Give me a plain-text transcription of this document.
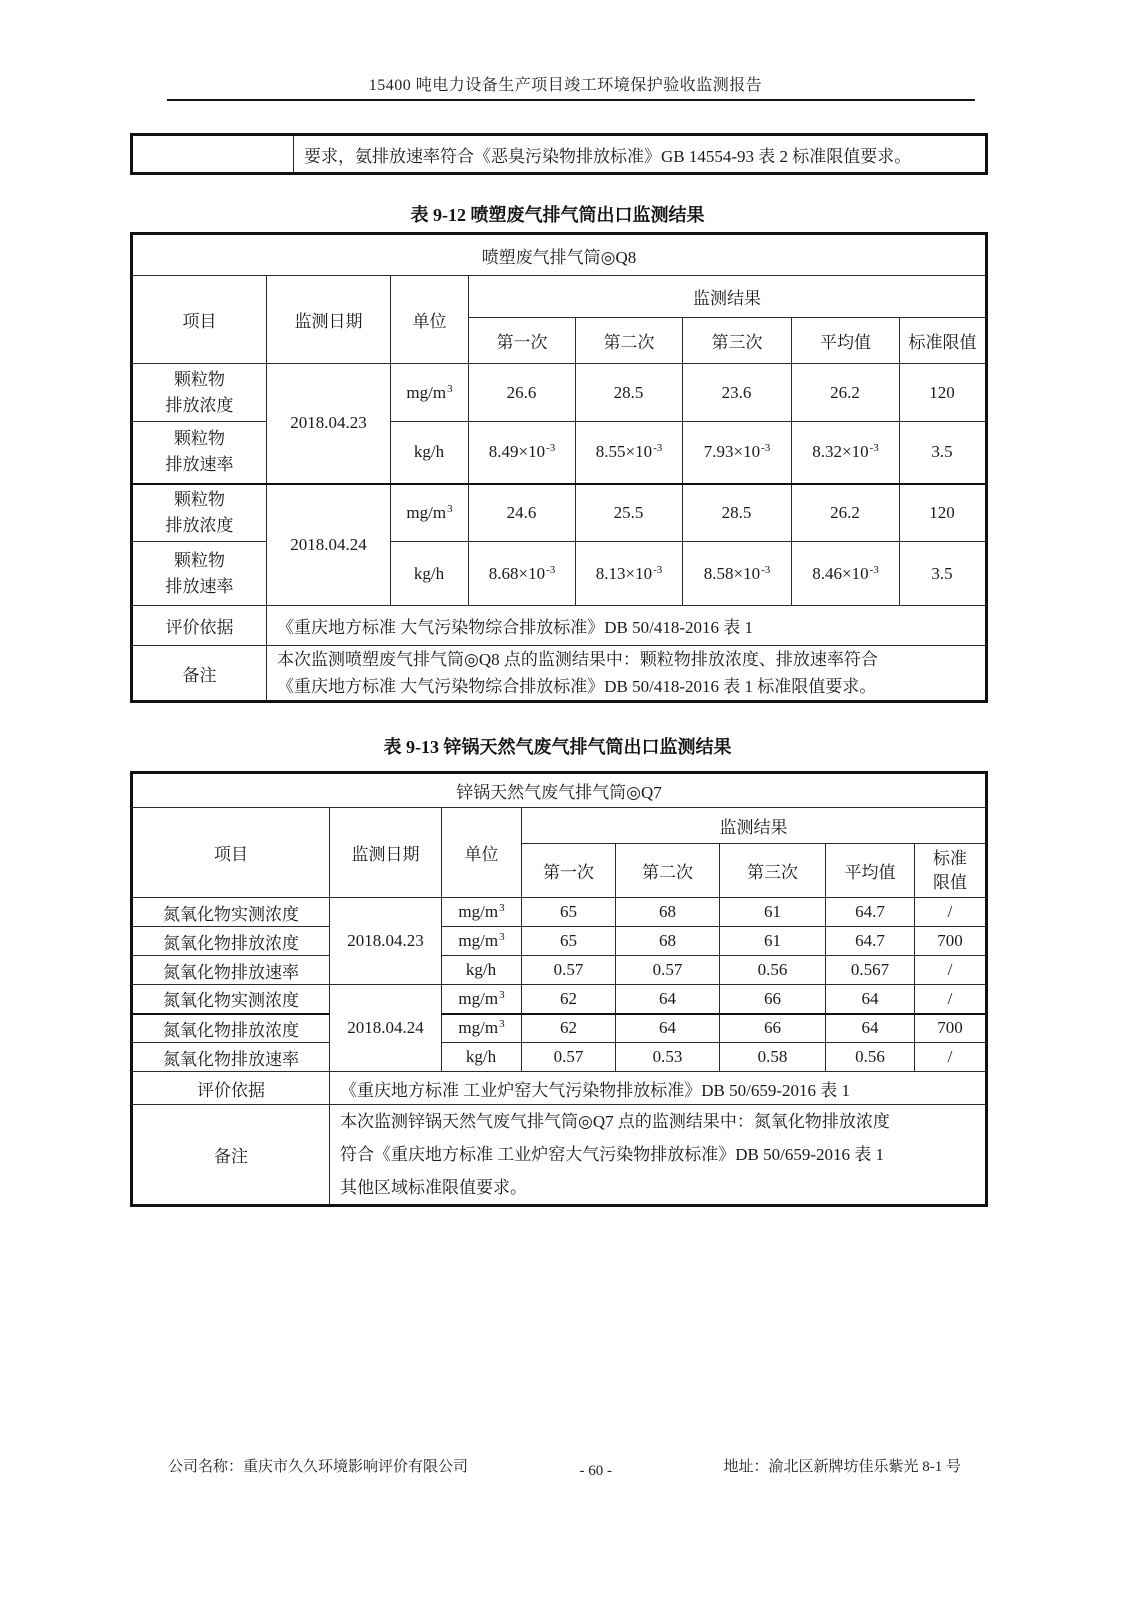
15400 吨电力设备生产项目竣工环境保护验收监测报告
	要求，氨排放速率符合《恶臭污染物排放标准》GB 14554-93 表 2 标准限值要求。
表 9-12 喷塑废气排气筒出口监测结果
喷塑废气排气筒◎Q8							
项目	监测日期	单位	监测结果				
			第一次	第二次	第三次	平均值	标准限值

颗粒物
排放浓度	2018.04.23	$mg/m^3$	26.6	28.5	23.6	26.2	120

颗粒物
排放速率		kg/h	$8.49\times 10^{-3}$	$8.55\times 10^{-3}$	$7.93\times 10^{-3}$	$8.32\times 10^{-3}$	3.5

颗粒物
排放浓度	2018.04.24	$mg/m^3$	24.6	25.5	28.5	26.2	120

颗粒物
排放速率		kg/h	$8.68\times 10^{-3}$	$8.13\times 10^{-3}$	$8.58\times 10^{-3}$	$8.46\times 10^{-3}$	3.5
评价依据	《重庆地方标准 大气污染物综合排放标准》DB 50/418-2016 表 1						
备注	本次监测喷塑废气排气筒◎Q8 点的监测结果中：颗粒物排放浓度、排放速率符合
《重庆地方标准 大气污染物综合排放标准》DB 50/418-2016 表 1 标准限值要求。						
表 9-13 锌锅天然气废气排气筒出口监测结果
锌锅天然气废气排气筒◎Q7							
项目	监测日期	单位	监测结果				
			第一次	第二次	第三次	平均值	标准
限值

氮氧化物实测浓度	2018.04.23	$mg/m^3$	65	68	61	64.7	/
氮氧化物排放浓度		$mg/m^3$	65	68	61	64.7	700
氮氧化物排放速率		kg/h	0.57	0.57	0.56	0.567	/
氮氧化物实测浓度	2018.04.24	$mg/m^3$	62	64	66	64	/
氮氧化物排放浓度		$mg/m^3$	62	64	66	64	700
氮氧化物排放速率		kg/h	0.57	0.53	0.58	0.56	/
评价依据	《重庆地方标准 工业炉窑大气污染物排放标准》DB 50/659-2016 表 1						
备注	本次监测锌锅天然气废气排气筒◎Q7 点的监测结果中：氮氧化物排放浓度
符合《重庆地方标准 工业炉窑大气污染物排放标准》DB 50/659-2016 表 1
其他区域标准限值要求。						
公司名称：重庆市久久环境影响评价有限公司	- 60 -	地址：渝北区新牌坊佳乐紫光 8-1 号
